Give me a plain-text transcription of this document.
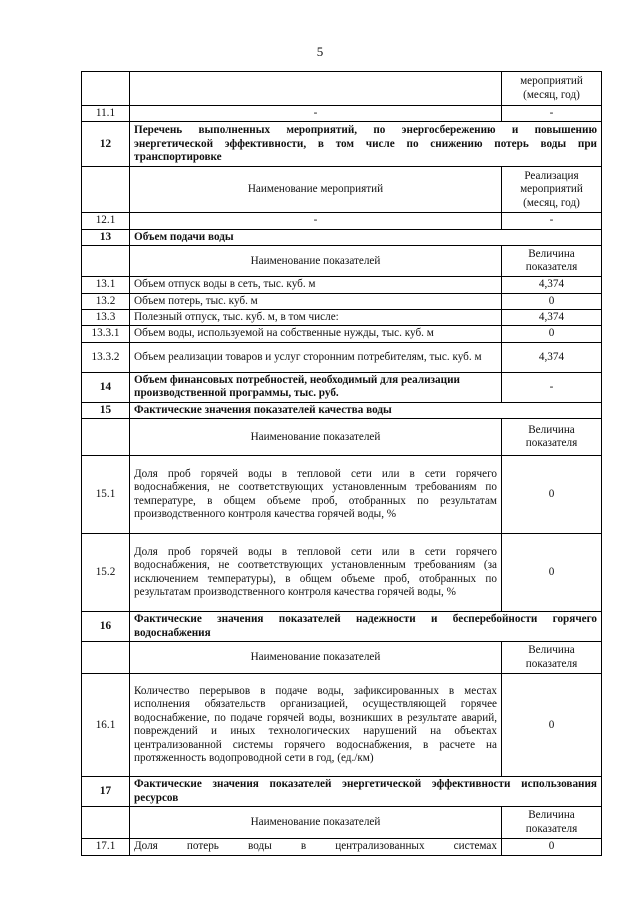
5
		мероприятий (месяц, год)
11.1	-	-
12	Перечень выполненных мероприятий, по энергосбережению и повышению энергетической эффективности, в том числе по снижению потерь воды при транспортировке	
	Наименование мероприятий	Реализация мероприятий (месяц, год)
12.1	-	-
13	Объем подачи воды	
	Наименование показателей	Величина показателя
13.1	Объем отпуск воды в сеть, тыс. куб. м	4,374
13.2	Объем потерь, тыс. куб. м	0
13.3	Полезный отпуск, тыс. куб. м, в том числе:	4,374
13.3.1	Объем воды, используемой на собственные нужды, тыс. куб. м	0
13.3.2	Объем реализации товаров и услуг сторонним потребителям, тыс. куб. м	4,374
14	Объем финансовых потребностей, необходимый для реализации производственной программы, тыс. руб.	-
15	Фактические значения показателей качества воды	
	Наименование показателей	Величина показателя
15.1	Доля проб горячей воды в тепловой сети или в сети горячего водоснабжения, не соответствующих установленным требованиям по температуре, в общем объеме проб, отобранных по результатам производственного контроля качества горячей воды, %	0
15.2	Доля проб горячей воды в тепловой сети или в сети горячего водоснабжения, не соответствующих установленным требованиям (за исключением температуры), в общем объеме проб, отобранных по результатам производственного контроля качества горячей воды, %	0
16	Фактические значения показателей надежности и бесперебойности горячего водоснабжения	
	Наименование показателей	Величина показателя
16.1	Количество перерывов в подаче воды, зафиксированных в местах исполнения обязательств организацией, осуществляющей горячее водоснабжение, по подаче горячей воды, возникших в результате аварий, повреждений и иных технологических нарушений на объектах централизованной системы горячего водоснабжения, в расчете на протяженность водопроводной сети в год, (ед./км)	0
17	Фактические значения показателей энергетической эффективности использования ресурсов	
	Наименование показателей	Величина показателя
17.1	Доля потерь воды в централизованных системах	0
